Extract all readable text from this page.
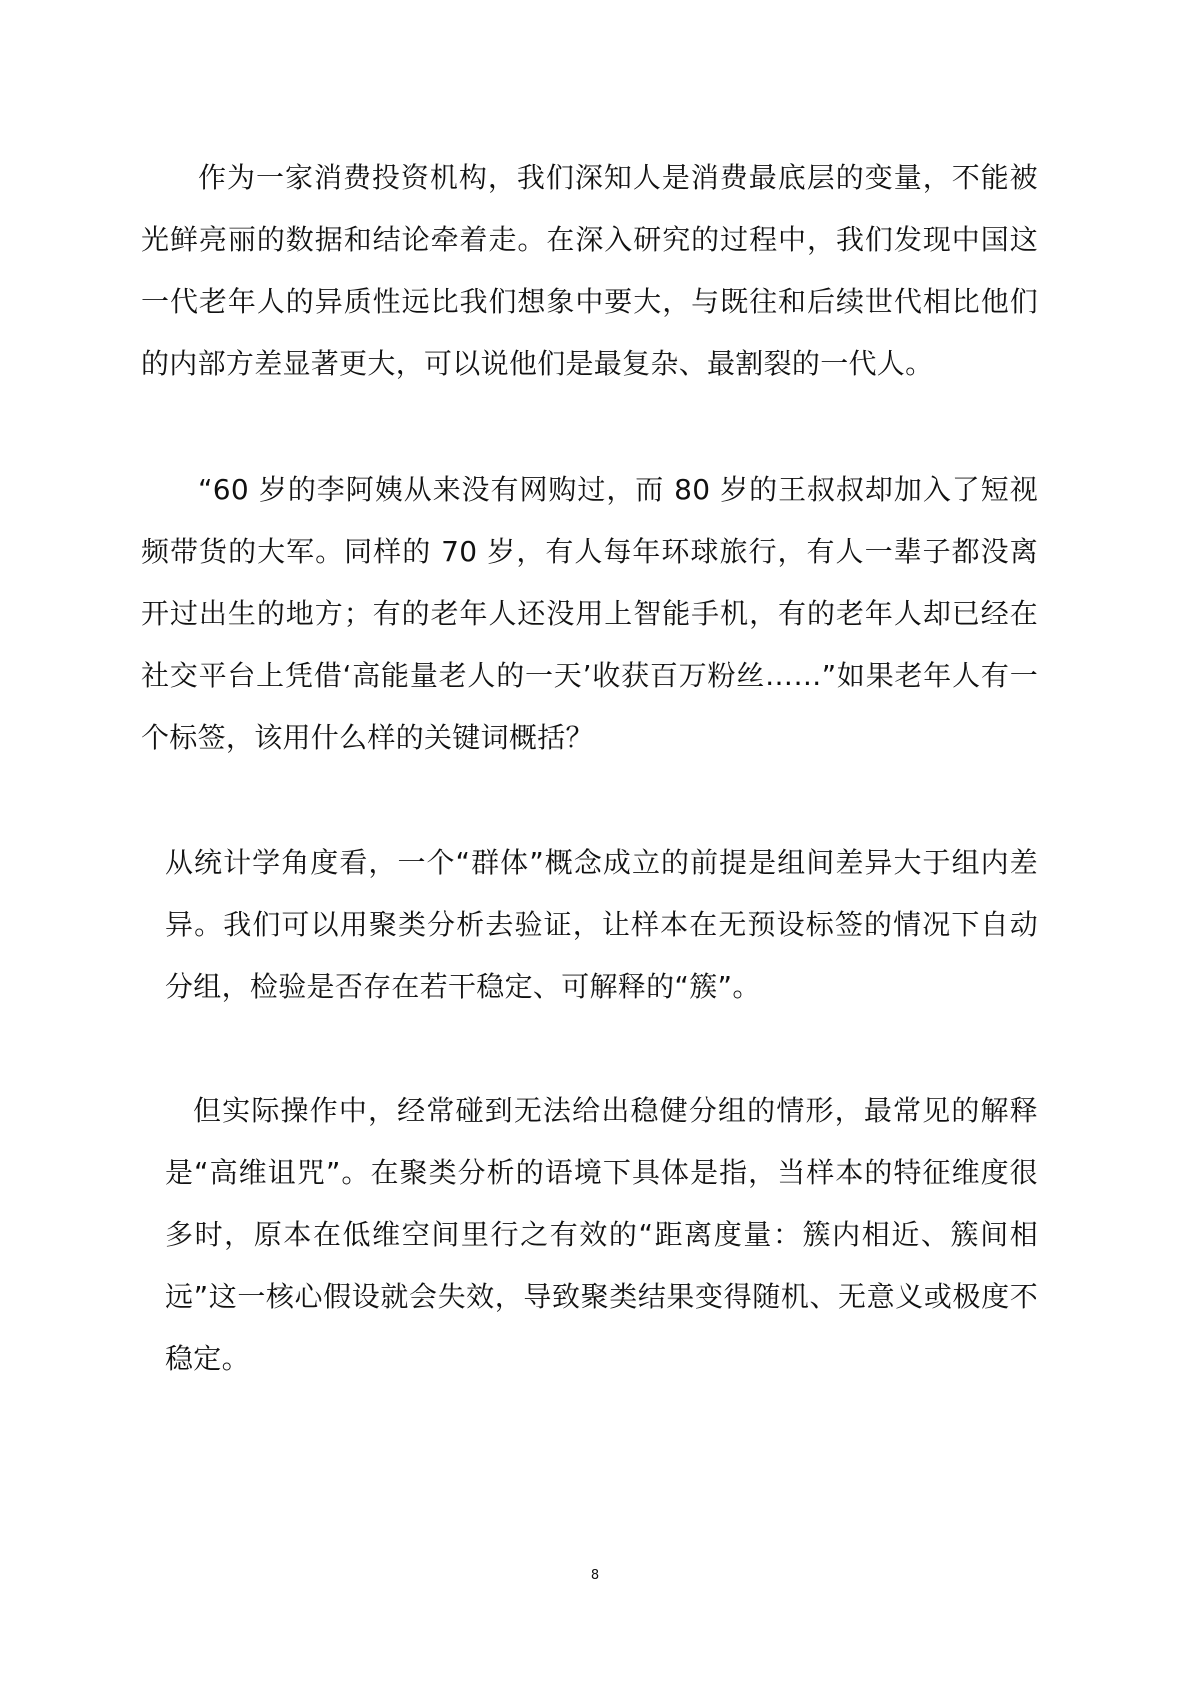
作为一家消费投资机构，我们深知人是消费最底层的变量，不能被光鲜亮丽的数据和结论牵着走。在深入研究的过程中，我们发现中国这一代老年人的异质性远比我们想象中要大，与既往和后续世代相比他们的内部方差显著更大，可以说他们是最复杂、最割裂的一代人。

“60 岁的李阿姨从来没有网购过，而 80 岁的王叔叔却加入了短视频带货的大军。同样的 70 岁，有人每年环球旅行，有人一辈子都没离开过出生的地方；有的老年人还没用上智能手机，有的老年人却已经在社交平台上凭借‘高能量老人的一天’收获百万粉丝……”如果老年人有一个标签，该用什么样的关键词概括？

从统计学角度看，一个“群体”概念成立的前提是组间差异大于组内差异。我们可以用聚类分析去验证，让样本在无预设标签的情况下自动分组，检验是否存在若干稳定、可解释的“簇”。

但实际操作中，经常碰到无法给出稳健分组的情形，最常见的解释是“高维诅咒”。在聚类分析的语境下具体是指，当样本的特征维度很多时，原本在低维空间里行之有效的“距离度量：簇内相近、簇间相远”这一核心假设就会失效，导致聚类结果变得随机、无意义或极度不稳定。

8
